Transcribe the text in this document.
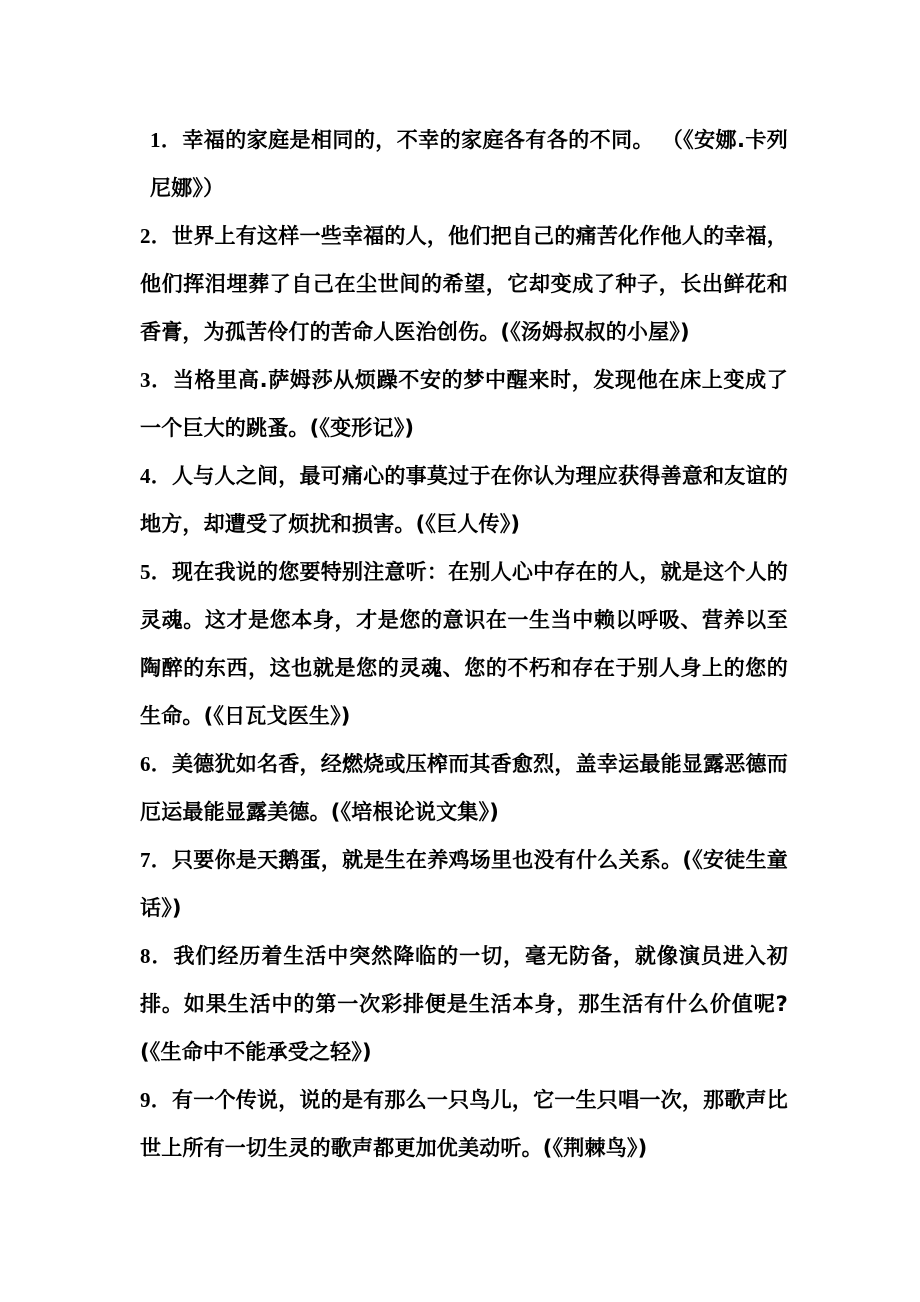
1．幸福的家庭是相同的，不幸的家庭各有各的不同。 （《安娜.卡列尼娜》）

2．世界上有这样一些幸福的人，他们把自己的痛苦化作他人的幸福，他们挥泪埋葬了自己在尘世间的希望，它却变成了种子，长出鲜花和香膏，为孤苦伶仃的苦命人医治创伤。(《汤姆叔叔的小屋》)

3．当格里高.萨姆莎从烦躁不安的梦中醒来时，发现他在床上变成了一个巨大的跳蚤。(《变形记》)

4．人与人之间，最可痛心的事莫过于在你认为理应获得善意和友谊的地方，却遭受了烦扰和损害。(《巨人传》)

5．现在我说的您要特别注意听：在别人心中存在的人，就是这个人的灵魂。这才是您本身，才是您的意识在一生当中赖以呼吸、营养以至陶醉的东西，这也就是您的灵魂、您的不朽和存在于别人身上的您的生命。(《日瓦戈医生》)

6．美德犹如名香，经燃烧或压榨而其香愈烈，盖幸运最能显露恶德而厄运最能显露美德。(《培根论说文集》)

7．只要你是天鹅蛋，就是生在养鸡场里也没有什么关系。(《安徒生童话》)

8．我们经历着生活中突然降临的一切，毫无防备，就像演员进入初排。如果生活中的第一次彩排便是生活本身，那生活有什么价值呢?(《生命中不能承受之轻》)

9．有一个传说，说的是有那么一只鸟儿，它一生只唱一次，那歌声比世上所有一切生灵的歌声都更加优美动听。(《荆棘鸟》)
